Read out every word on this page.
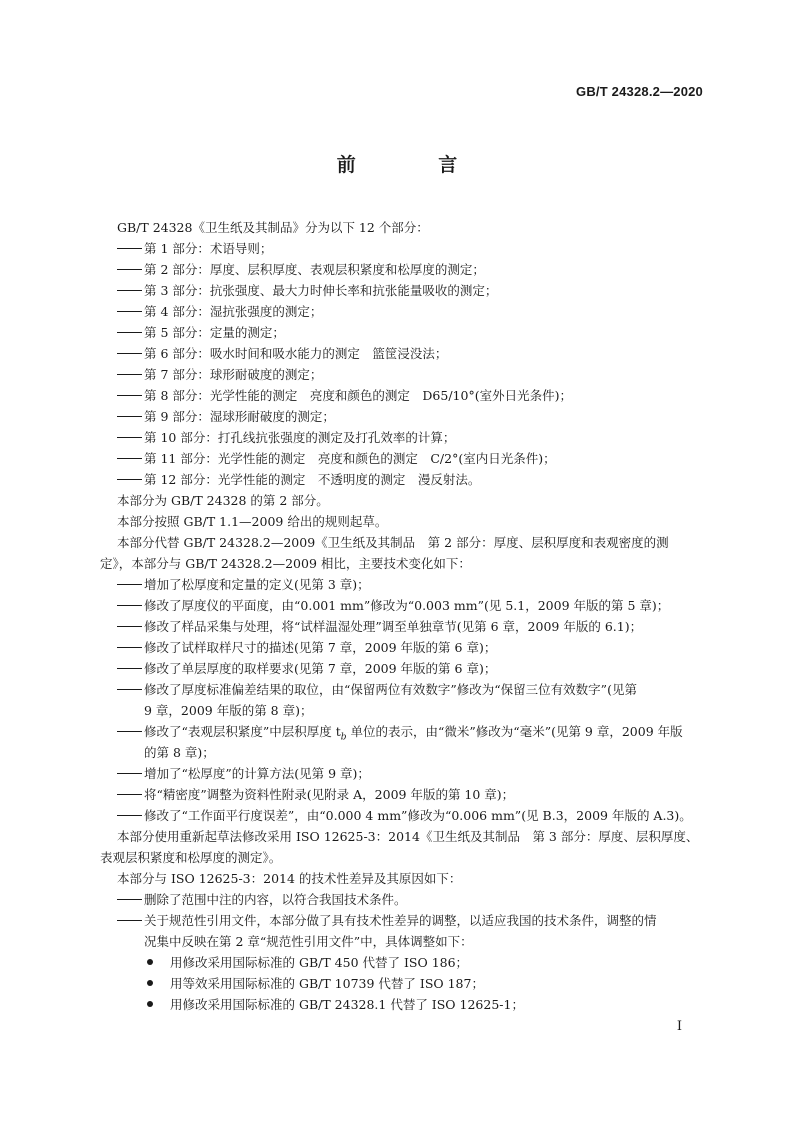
GB/T 24328.2—2020
前 言
GB/T 24328《卫生纸及其制品》分为以下 12 个部分：
第 1 部分：术语导则；
第 2 部分：厚度、层积厚度、表观层积紧度和松厚度的测定；
第 3 部分：抗张强度、最大力时伸长率和抗张能量吸收的测定；
第 4 部分：湿抗张强度的测定；
第 5 部分：定量的测定；
第 6 部分：吸水时间和吸水能力的测定　篮筐浸没法；
第 7 部分：球形耐破度的测定；
第 8 部分：光学性能的测定　亮度和颜色的测定　D65/10°(室外日光条件)；
第 9 部分：湿球形耐破度的测定；
第 10 部分：打孔线抗张强度的测定及打孔效率的计算；
第 11 部分：光学性能的测定　亮度和颜色的测定　C/2°(室内日光条件)；
第 12 部分：光学性能的测定　不透明度的测定　漫反射法。
本部分为 GB/T 24328 的第 2 部分。
本部分按照 GB/T 1.1—2009 给出的规则起草。
本部分代替 GB/T 24328.2—2009《卫生纸及其制品　第 2 部分：厚度、层积厚度和表观密度的测
定》，本部分与 GB/T 24328.2—2009 相比，主要技术变化如下：
增加了松厚度和定量的定义(见第 3 章)；
修改了厚度仪的平面度，由“0.001 mm”修改为“0.003 mm”(见 5.1，2009 年版的第 5 章)；
修改了样品采集与处理，将“试样温湿处理”调至单独章节(见第 6 章，2009 年版的 6.1)；
修改了试样取样尺寸的描述(见第 7 章，2009 年版的第 6 章)；
修改了单层厚度的取样要求(见第 7 章，2009 年版的第 6 章)；
修改了厚度标准偏差结果的取位，由“保留两位有效数字”修改为“保留三位有效数字”(见第
9 章，2009 年版的第 8 章)；
修改了“表观层积紧度”中层积厚度 $t_b$ 单位的表示，由“微米”修改为“毫米”(见第 9 章，2009 年版
的第 8 章)；
增加了“松厚度”的计算方法(见第 9 章)；
将“精密度”调整为资料性附录(见附录 A，2009 年版的第 10 章)；
修改了“工作面平行度误差”，由“0.000 4 mm”修改为“0.006 mm”(见 B.3，2009 年版的 A.3)。
本部分使用重新起草法修改采用 ISO 12625-3：2014《卫生纸及其制品　第 3 部分：厚度、层积厚度、
表观层积紧度和松厚度的测定》。
本部分与 ISO 12625-3：2014 的技术性差异及其原因如下：
删除了范围中注的内容，以符合我国技术条件。
关于规范性引用文件，本部分做了具有技术性差异的调整，以适应我国的技术条件，调整的情
况集中反映在第 2 章“规范性引用文件”中，具体调整如下：
用修改采用国际标准的 GB/T 450 代替了 ISO 186；
用等效采用国际标准的 GB/T 10739 代替了 ISO 187；
用修改采用国际标准的 GB/T 24328.1 代替了 ISO 12625-1；
I
